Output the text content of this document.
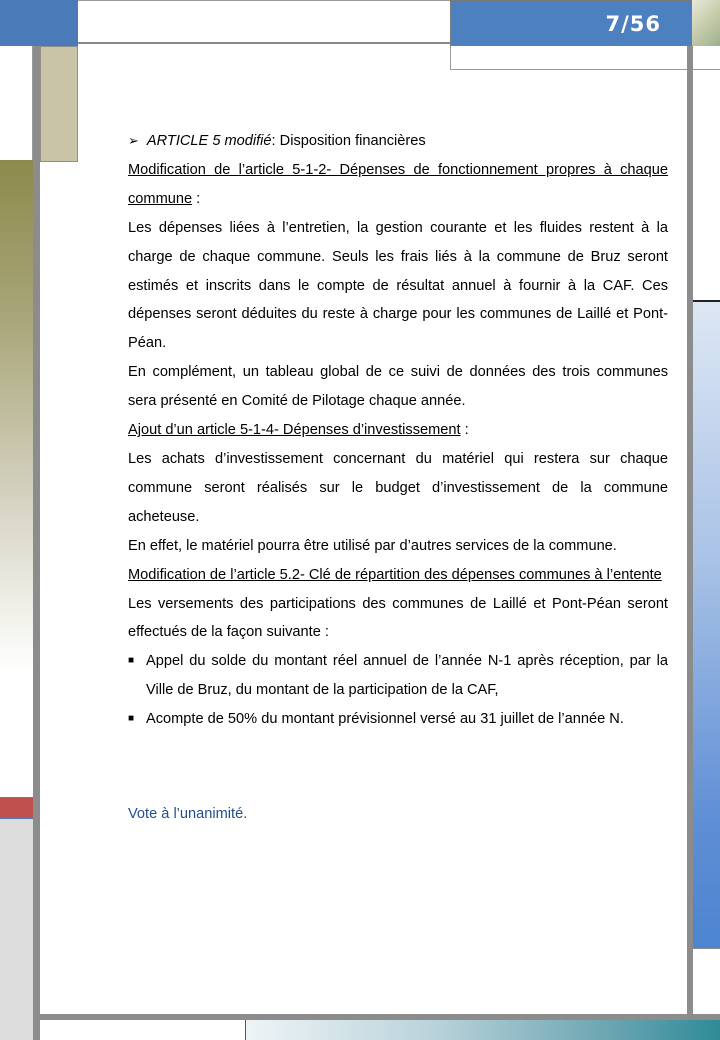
7/56
➢ ARTICLE 5 modifié : Disposition financières

Modification de l’article 5-1-2- Dépenses de fonctionnement propres à chaque commune :

Les dépenses liées à l’entretien, la gestion courante et les fluides restent à la charge de chaque commune. Seuls les frais liés à la commune de Bruz seront estimés et inscrits dans le compte de résultat annuel à fournir à la CAF. Ces dépenses seront déduites du reste à charge pour les communes de Laillé et Pont-Péan.

En complément, un tableau global de ce suivi de données des trois communes sera présenté en Comité de Pilotage chaque année.

Ajout d’un article 5-1-4- Dépenses d’investissement :

Les achats d’investissement concernant du matériel qui restera sur chaque commune seront réalisés sur le budget d’investissement de la commune acheteuse.

En effet, le matériel pourra être utilisé par d’autres services de la commune.

Modification de l’article 5.2- Clé de répartition des dépenses communes à l’entente

Les versements des participations des communes de Laillé et Pont-Péan seront effectués de la façon suivante :

■ Appel du solde du montant réel annuel de l’année N-1 après réception, par la Ville de Bruz, du montant de la participation de la CAF,
■ Acompte de 50% du montant prévisionnel versé au 31 juillet de l’année N.
Vote à l’unanimité.
